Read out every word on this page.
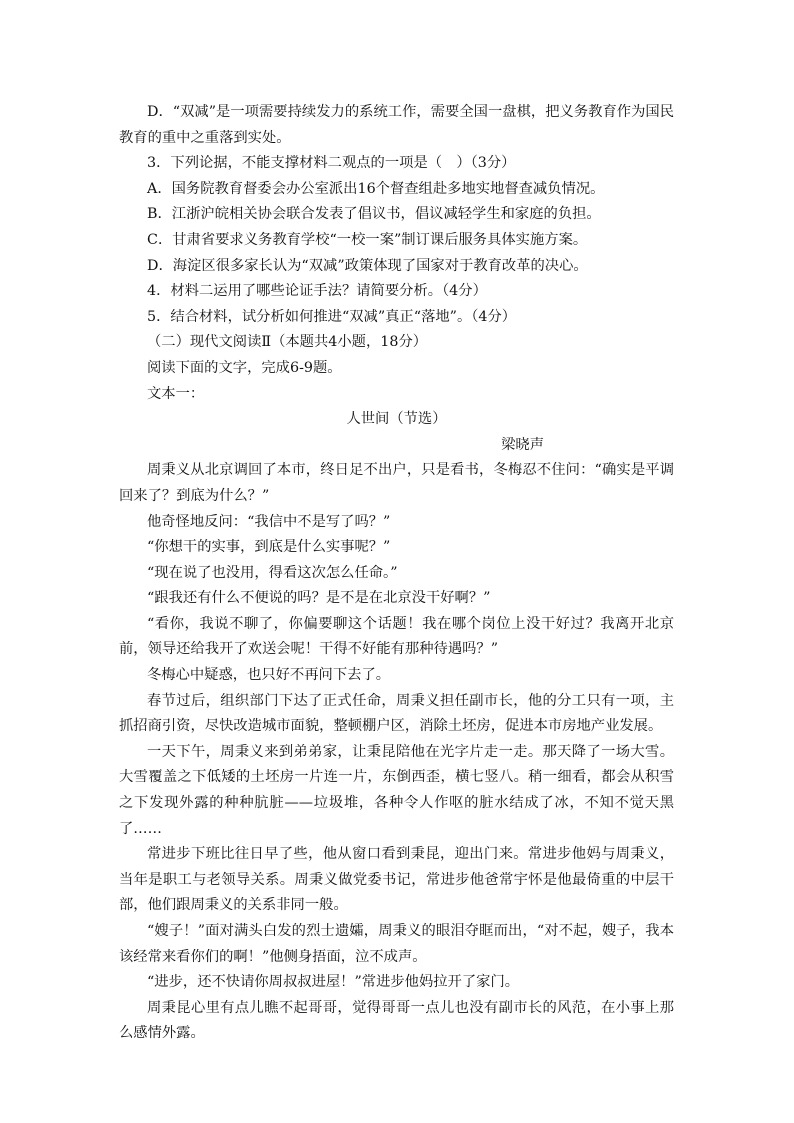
D．“双减”是一项需要持续发力的系统工作，需要全国一盘棋，把义务教育作为国民教育的重中之重落到实处。

3．下列论据，不能支撑材料二观点的一项是（　）（3分）

A．国务院教育督委会办公室派出16个督查组赴多地实地督查减负情况。

B．江浙沪皖相关协会联合发表了倡议书，倡议减轻学生和家庭的负担。

C．甘肃省要求义务教育学校“一校一案”制订课后服务具体实施方案。

D．海淀区很多家长认为“双减”政策体现了国家对于教育改革的决心。

4．材料二运用了哪些论证手法？请简要分析。（4分）

5．结合材料，试分析如何推进“双减”真正“落地”。（4分）

（二）现代文阅读Ⅱ（本题共4小题，18分）

阅读下面的文字，完成6-9题。

文本一：

人世间（节选）

梁晓声

周秉义从北京调回了本市，终日足不出户，只是看书，冬梅忍不住问：“确实是平调回来了？到底为什么？”

他奇怪地反问：“我信中不是写了吗？”

“你想干的实事，到底是什么实事呢？”

“现在说了也没用，得看这次怎么任命。”

“跟我还有什么不便说的吗？是不是在北京没干好啊？”

“看你，我说不聊了，你偏要聊这个话题！我在哪个岗位上没干好过？我离开北京前，领导还给我开了欢送会呢！干得不好能有那种待遇吗？”

冬梅心中疑惑，也只好不再问下去了。

春节过后，组织部门下达了正式任命，周秉义担任副市长，他的分工只有一项，主抓招商引资，尽快改造城市面貌，整顿棚户区，消除土坯房，促进本市房地产业发展。

一天下午，周秉义来到弟弟家，让秉昆陪他在光字片走一走。那天降了一场大雪。大雪覆盖之下低矮的土坯房一片连一片，东倒西歪，横七竖八。稍一细看，都会从积雪之下发现外露的种种肮脏——垃圾堆，各种令人作呕的脏水结成了冰，不知不觉天黑了……

常进步下班比往日早了些，他从窗口看到秉昆，迎出门来。常进步他妈与周秉义，当年是职工与老领导关系。周秉义做党委书记，常进步他爸常宇怀是他最倚重的中层干部，他们跟周秉义的关系非同一般。

“嫂子！”面对满头白发的烈士遗孀，周秉义的眼泪夺眶而出，“对不起，嫂子，我本该经常来看你们的啊！”他侧身捂面，泣不成声。

“进步，还不快请你周叔叔进屋！”常进步他妈拉开了家门。

周秉昆心里有点儿瞧不起哥哥，觉得哥哥一点儿也没有副市长的风范，在小事上那么感情外露。
